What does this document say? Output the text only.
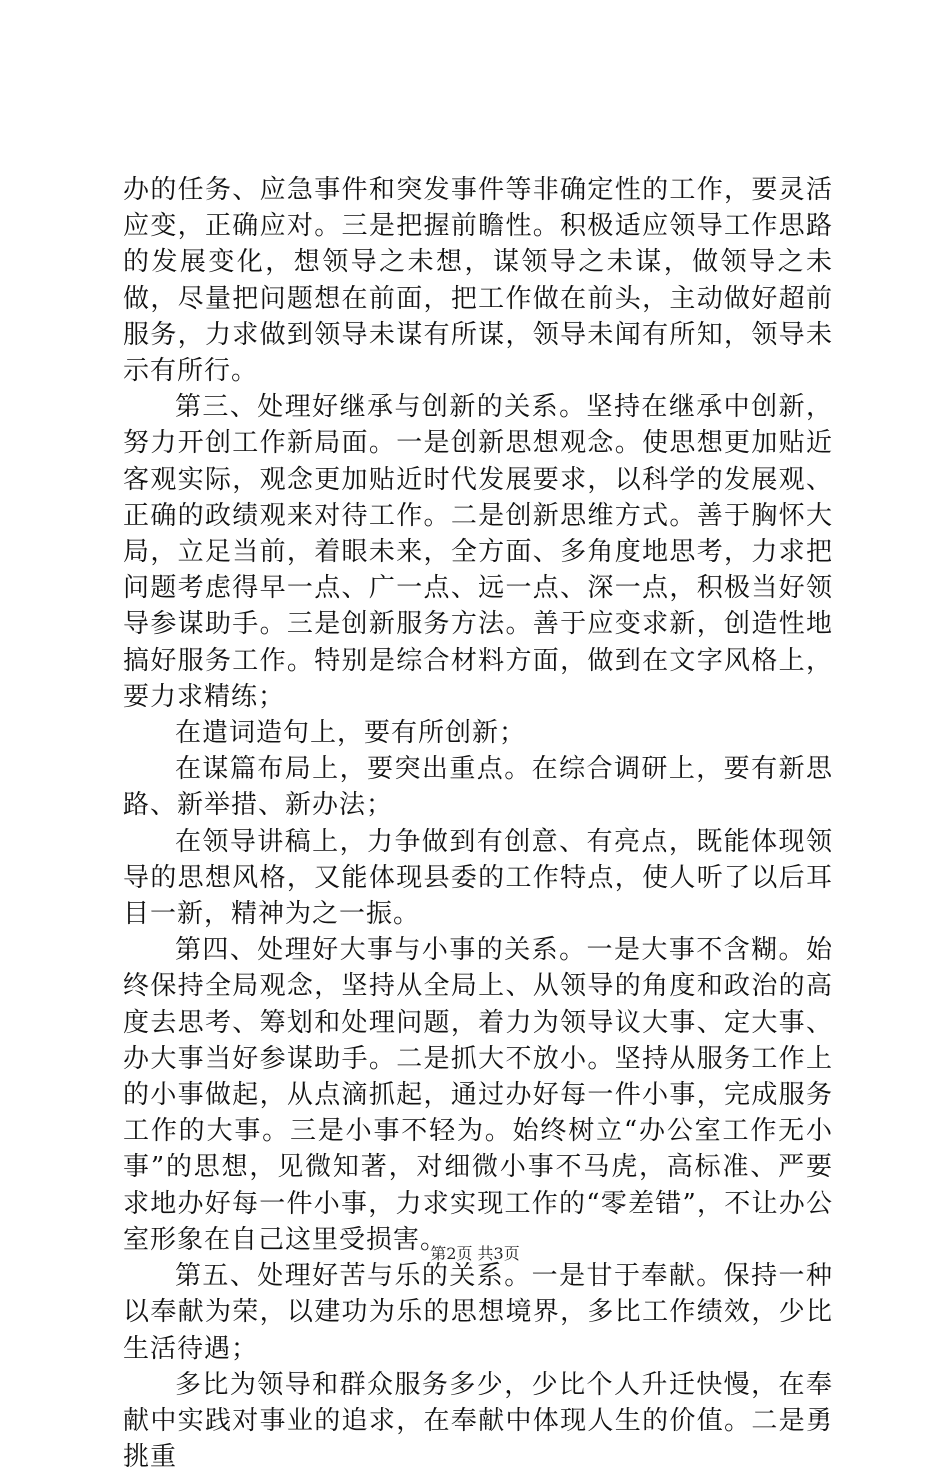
办的任务、应急事件和突发事件等非确定性的工作，要灵活应变，正确应对。三是把握前瞻性。积极适应领导工作思路的发展变化，想领导之未想，谋领导之未谋，做领导之未做，尽量把问题想在前面，把工作做在前头，主动做好超前服务，力求做到领导未谋有所谋，领导未闻有所知，领导未示有所行。

第三、处理好继承与创新的关系。坚持在继承中创新，努力开创工作新局面。一是创新思想观念。使思想更加贴近客观实际，观念更加贴近时代发展要求，以科学的发展观、正确的政绩观来对待工作。二是创新思维方式。善于胸怀大局，立足当前，着眼未来，全方面、多角度地思考，力求把问题考虑得早一点、广一点、远一点、深一点，积极当好领导参谋助手。三是创新服务方法。善于应变求新，创造性地搞好服务工作。特别是综合材料方面，做到在文字风格上，要力求精练；

在遣词造句上，要有所创新；

在谋篇布局上，要突出重点。在综合调研上，要有新思路、新举措、新办法；

在领导讲稿上，力争做到有创意、有亮点，既能体现领导的思想风格，又能体现县委的工作特点，使人听了以后耳目一新，精神为之一振。

第四、处理好大事与小事的关系。一是大事不含糊。始终保持全局观念，坚持从全局上、从领导的角度和政治的高度去思考、筹划和处理问题，着力为领导议大事、定大事、办大事当好参谋助手。二是抓大不放小。坚持从服务工作上的小事做起，从点滴抓起，通过办好每一件小事，完成服务工作的大事。三是小事不轻为。始终树立“办公室工作无小事”的思想，见微知著，对细微小事不马虎，高标准、严要求地办好每一件小事，力求实现工作的“零差错”，不让办公室形象在自己这里受损害。

第五、处理好苦与乐的关系。一是甘于奉献。保持一种以奉献为荣，以建功为乐的思想境界，多比工作绩效，少比生活待遇；

多比为领导和群众服务多少，少比个人升迁快慢，在奉献中实践对事业的追求，在奉献中体现人生的价值。二是勇挑重

第2页 共3页
